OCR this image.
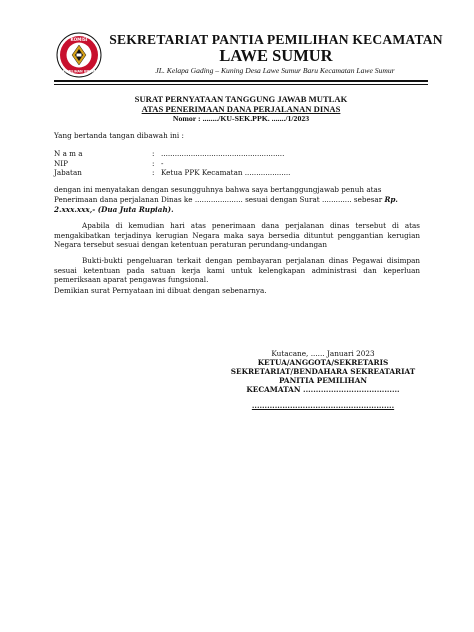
KOMISI
PEMILIHAN UMUM
SEKRETARIAT PANTIA PEMILIHAN KECAMATAN
LAWE SUMUR
JL. Kelapa Gading – Kuning Desa Lawe Sumur Baru Kecamatan Lawe Sumur
SURAT PERNYATAAN TANGGUNG JAWAB MUTLAK
ATAS PENERIMAAN DANA PERJALANAN DINAS
Nomor : ......../KU-SEK.PPK. ......./1/2023
Yang bertanda tangan dibawah ini :
N a m a	: ......................................................
NIP	: -
Jabatan	: Ketua PPK Kecamatan ....................
dengan ini menyatakan dengan sesungguhnya bahwa saya bertanggungjawab penuh atas
Penerimaan dana perjalanan Dinas ke ..................... sesuai dengan Surat ............. sebesar Rp.
2.xxx.xxx,- (Dua Juta Rupiah).
Apabila di kemudian hari atas penerimaan dana perjalanan dinas tersebut di atas mengakibatkan terjadinya kerugian Negara maka saya bersedia dituntut penggantian kerugian Negara tersebut sesuai dengan ketentuan peraturan perundang-undangan
Bukti-bukti pengeluaran terkait dengan pembayaran perjalanan dinas Pegawai disimpan sesuai ketentuan pada satuan kerja kami untuk kelengkapan administrasi dan keperluan pemeriksaan aparat pengawas fungsional.
Demikian surat Pernyataan ini dibuat dengan sebenarnya.
Kutacane, ...... Januari 2023
KETUA/ANGGOTA/SEKRETARIS
SEKRETARIAT/BENDAHARA SEKREATARIAT
PANITIA PEMILIHAN
KECAMATAN ......................................
........................................................
